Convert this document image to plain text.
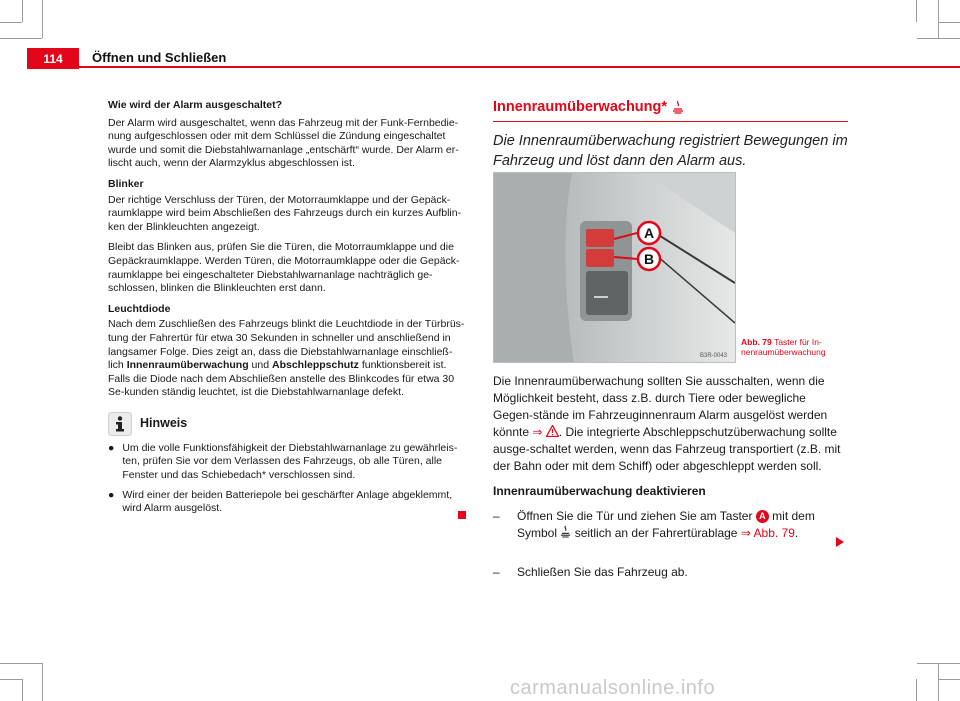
114	Öffnen und Schließen

Wie wird der Alarm ausgeschaltet?

Der Alarm wird ausgeschaltet, wenn das Fahrzeug mit der Funk-Fernbedie-nung aufgeschlossen oder mit dem Schlüssel die Zündung eingeschaltet wurde und somit die Diebstahlwarnanlage „entschärft“ wurde. Der Alarm er-lischt auch, wenn der Alarmzyklus abgeschlossen ist.

Blinker

Der richtige Verschluss der Türen, der Motorraumklappe und der Gepäck-raumklappe wird beim Abschließen des Fahrzeugs durch ein kurzes Aufblin-ken der Blinkleuchten angezeigt.

Bleibt das Blinken aus, prüfen Sie die Türen, die Motorraumklappe und die Gepäckraumklappe. Werden Türen, die Motorraumklappe oder die Gepäck-raumklappe bei eingeschalteter Diebstahlwarnanlage nachträglich ge-schlossen, blinken die Blinkleuchten erst dann.

Leuchtdiode

Nach dem Zuschließen des Fahrzeugs blinkt die Leuchtdiode in der Türbrüs-tung der Fahrertür für etwa 30 Sekunden in schneller und anschließend in langsamer Folge. Dies zeigt an, dass die Diebstahlwarnanlage einschließ-lich Innenraumüberwachung und Abschleppschutz funktionsbereit ist. Falls die Diode nach dem Abschließen anstelle des Blinkcodes für etwa 30 Se-kunden ständig leuchtet, ist die Diebstahlwarnanlage defekt.

Hinweis
● Um die volle Funktionsfähigkeit der Diebstahlwarnanlage zu gewährleis-ten, prüfen Sie vor dem Verlassen des Fahrzeugs, ob alle Türen, alle Fenster und das Schiebedach* verschlossen sind.
● Wird einer der beiden Batteriepole bei geschärfter Anlage abgeklemmt, wird Alarm ausgelöst.
Innenraumüberwachung*
Die Innenraumüberwachung registriert Bewegungen im Fahrzeug und löst dann den Alarm aus.
A
B
B3R-0043
Abb. 79 Taster für In-nenraumüberwachung

Die Innenraumüberwachung sollten Sie ausschalten, wenn die Möglichkeit besteht, dass z.B. durch Tiere oder bewegliche Gegen-stände im Fahrzeuginnenraum Alarm ausgelöst werden könnte ⇒ . Die integrierte Abschleppschutzüberwachung sollte ausge-schaltet werden, wenn das Fahrzeug transportiert (z.B. mit der Bahn oder mit dem Schiff) oder abgeschleppt werden soll.

Innenraumüberwachung deaktivieren

–	Öffnen Sie die Tür und ziehen Sie am Taster A mit dem Symbol seitlich an der Fahrertürablage ⇒ Abb. 79.
–	Schließen Sie das Fahrzeug ab.
carmanualsonline.info
